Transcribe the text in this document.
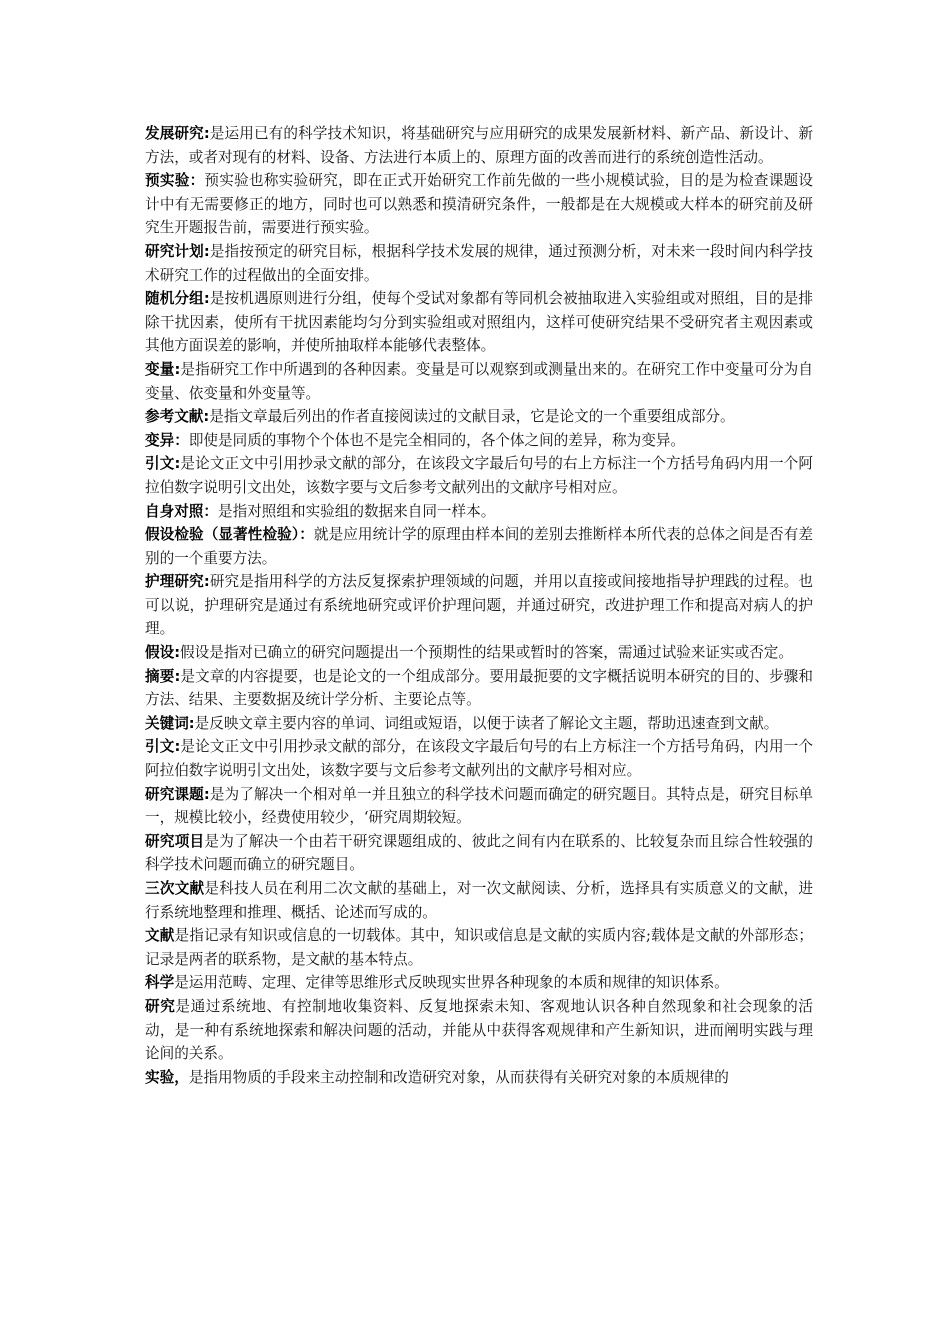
发展研究:是运用已有的科学技术知识，将基础研究与应用研究的成果发展新材料、新产品、新设计、新方法，或者对现有的材料、设备、方法进行本质上的、原理方面的改善而进行的系统创造性活动。

预实验：预实验也称实验研究，即在正式开始研究工作前先做的一些小规模试验，目的是为检查课题设计中有无需要修正的地方，同时也可以熟悉和摸清研究条件，一般都是在大规模或大样本的研究前及研究生开题报告前，需要进行预实验。

研究计划:是指按预定的研究目标，根据科学技术发展的规律，通过预测分析，对未来一段时间内科学技术研究工作的过程做出的全面安排。

随机分组:是按机遇原则进行分组，使每个受试对象都有等同机会被抽取进入实验组或对照组，目的是排除干扰因素，使所有干扰因素能均匀分到实验组或对照组内，这样可使研究结果不受研究者主观因素或其他方面误差的影响，并使所抽取样本能够代表整体。

变量:是指研究工作中所遇到的各种因素。变量是可以观察到或测量出来的。在研究工作中变量可分为自变量、依变量和外变量等。

参考文献:是指文章最后列出的作者直接阅读过的文献目录，它是论文的一个重要组成部分。

变异：即使是同质的事物个个体也不是完全相同的，各个体之间的差异，称为变异。

引文:是论文正文中引用抄录文献的部分，在该段文字最后句号的右上方标注一个方括号角码内用一个阿拉伯数字说明引文出处，该数字要与文后参考文献列出的文献序号相对应。

自身对照：是指对照组和实验组的数据来自同一样本。

假设检验（显著性检验）：就是应用统计学的原理由样本间的差别去推断样本所代表的总体之间是否有差别的一个重要方法。

护理研究:研究是指用科学的方法反复探索护理领域的问题，并用以直接或间接地指导护理践的过程。也可以说，护理研究是通过有系统地研究或评价护理问题，并通过研究，改进护理工作和提高对病人的护理。

假设:假设是指对已确立的研究问题提出一个预期性的结果或暂时的答案，需通过试验来证实或否定。

摘要:是文章的内容提要，也是论文的一个组成部分。要用最扼要的文字概括说明本研究的目的、步骤和方法、结果、主要数据及统计学分析、主要论点等。

关键词:是反映文章主要内容的单词、词组或短语，以便于读者了解论文主题，帮助迅速查到文献。

引文:是论文正文中引用抄录文献的部分，在该段文字最后句号的右上方标注一个方括号角码，内用一个阿拉伯数字说明引文出处，该数字要与文后参考文献列出的文献序号相对应。

研究课题:是为了解决一个相对单一并且独立的科学技术问题而确定的研究题目。其特点是，研究目标单一，规模比较小，经费使用较少，‘研究周期较短。

研究项目是为了解决一个由若干研究课题组成的、彼此之间有内在联系的、比较复杂而且综合性较强的科学技术问题而确立的研究题目。

三次文献是科技人员在利用二次文献的基础上，对一次文献阅读、分析，选择具有实质意义的文献，进行系统地整理和推理、概括、论述而写成的。

文献是指记录有知识或信息的一切载体。其中，知识或信息是文献的实质内容;载体是文献的外部形态；记录是两者的联系物，是文献的基本特点。

科学是运用范畴、定理、定律等思维形式反映现实世界各种现象的本质和规律的知识体系。

研究是通过系统地、有控制地收集资料、反复地探索未知、客观地认识各种自然现象和社会现象的活动，是一种有系统地探索和解决问题的活动，并能从中获得客观规律和产生新知识，进而阐明实践与理论间的关系。

实验，是指用物质的手段来主动控制和改造研究对象，从而获得有关研究对象的本质规律的
